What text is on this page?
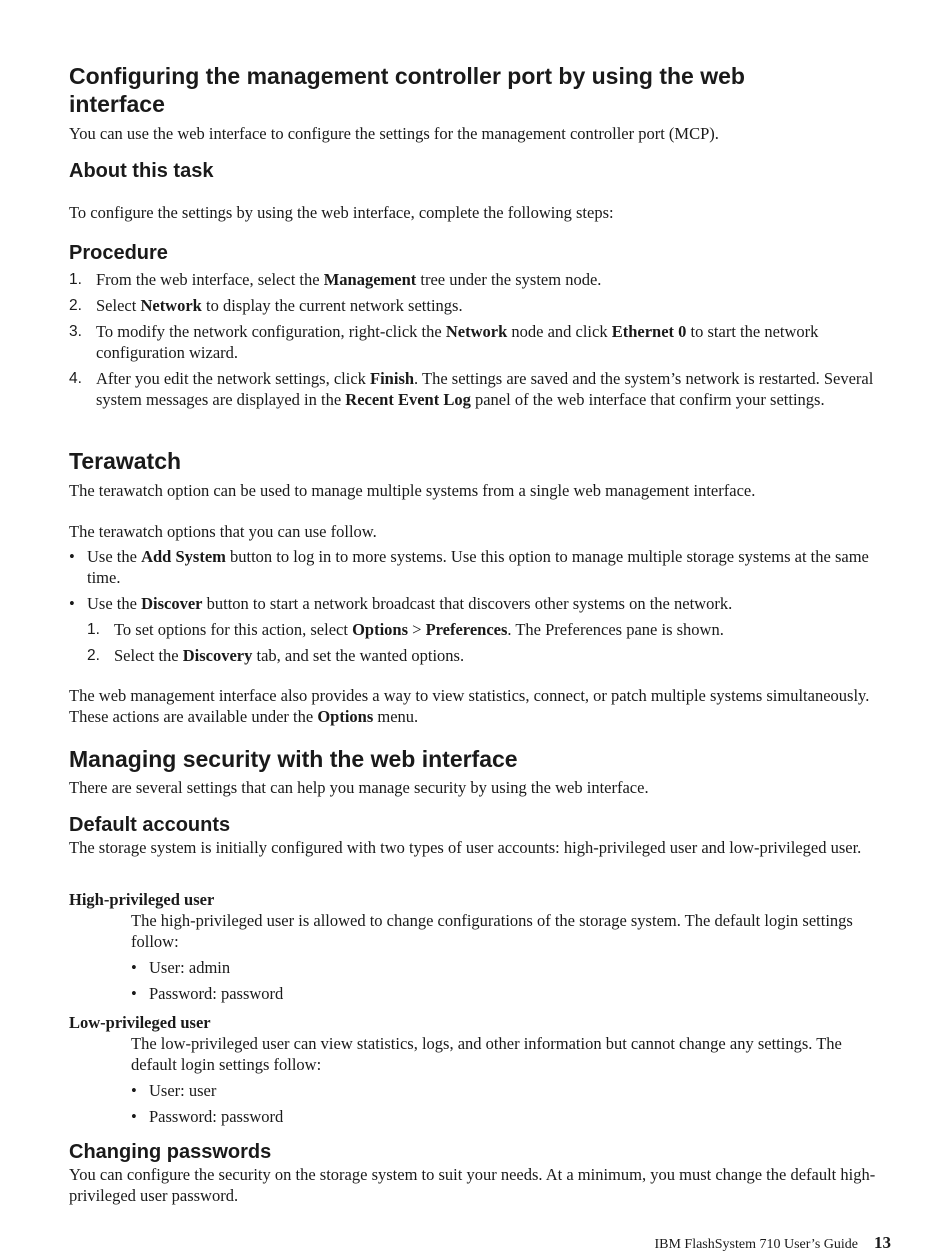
Configuring the management controller port by using the web
interface

You can use the web interface to configure the settings for the management controller port (MCP).

About this task

To configure the settings by using the web interface, complete the following steps:

Procedure
1. From the web interface, select the Management tree under the system node.
2. Select Network to display the current network settings.
3. To modify the network configuration, right-click the Network node and click Ethernet 0 to start the network configuration wizard.
4. After you edit the network settings, click Finish. The settings are saved and the system’s network is restarted. Several system messages are displayed in the Recent Event Log panel of the web interface that confirm your settings.
Terawatch

The terawatch option can be used to manage multiple systems from a single web management interface.

The terawatch options that you can use follow.

• Use the Add System button to log in to more systems. Use this option to manage multiple storage systems at the same time.
• Use the Discover button to start a network broadcast that discovers other systems on the network.
1. To set options for this action, select Options > Preferences. The Preferences pane is shown.
2. Select the Discovery tab, and set the wanted options.

The web management interface also provides a way to view statistics, connect, or patch multiple systems simultaneously. These actions are available under the Options menu.

Managing security with the web interface

There are several settings that can help you manage security by using the web interface.

Default accounts

The storage system is initially configured with two types of user accounts: high-privileged user and low-privileged user.

High-privileged user

The high-privileged user is allowed to change configurations of the storage system. The default login settings follow:

• User: admin
• Password: password
Low-privileged user

The low-privileged user can view statistics, logs, and other information but cannot change any settings. The default login settings follow:

• User: user
• Password: password
Changing passwords

You can configure the security on the storage system to suit your needs. At a minimum, you must change the default high-privileged user password.

IBM FlashSystem 710 User’s Guide 13
